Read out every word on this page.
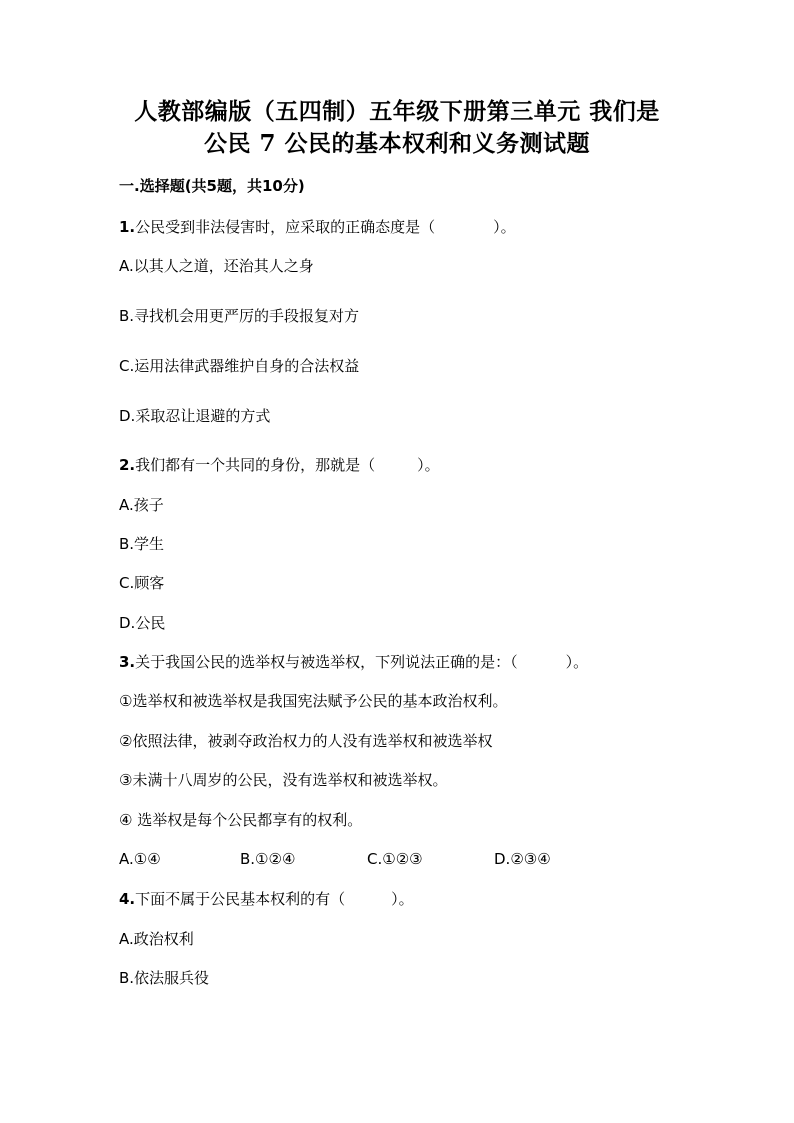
人教部编版（五四制）五年级下册第三单元 我们是
公民 7 公民的基本权利和义务测试题
一.选择题(共5题，共10分)
1.公民受到非法侵害时，应采取的正确态度是（	）。
A.以其人之道，还治其人之身
B.寻找机会用更严厉的手段报复对方
C.运用法律武器维护自身的合法权益
D.采取忍让退避的方式
2.我们都有一个共同的身份，那就是（	）。
A.孩子
B.学生
C.顾客
D.公民
3.关于我国公民的选举权与被选举权，下列说法正确的是：（	）。
①选举权和被选举权是我国宪法赋予公民的基本政治权利。
②依照法律，被剥夺政治权力的人没有选举权和被选举权
③未满十八周岁的公民，没有选举权和被选举权。
④ 选举权是每个公民都享有的权利。
A.①④	B.①②④	C.①②③	D.②③④
4.下面不属于公民基本权利的有（	）。
A.政治权利
B.依法服兵役
